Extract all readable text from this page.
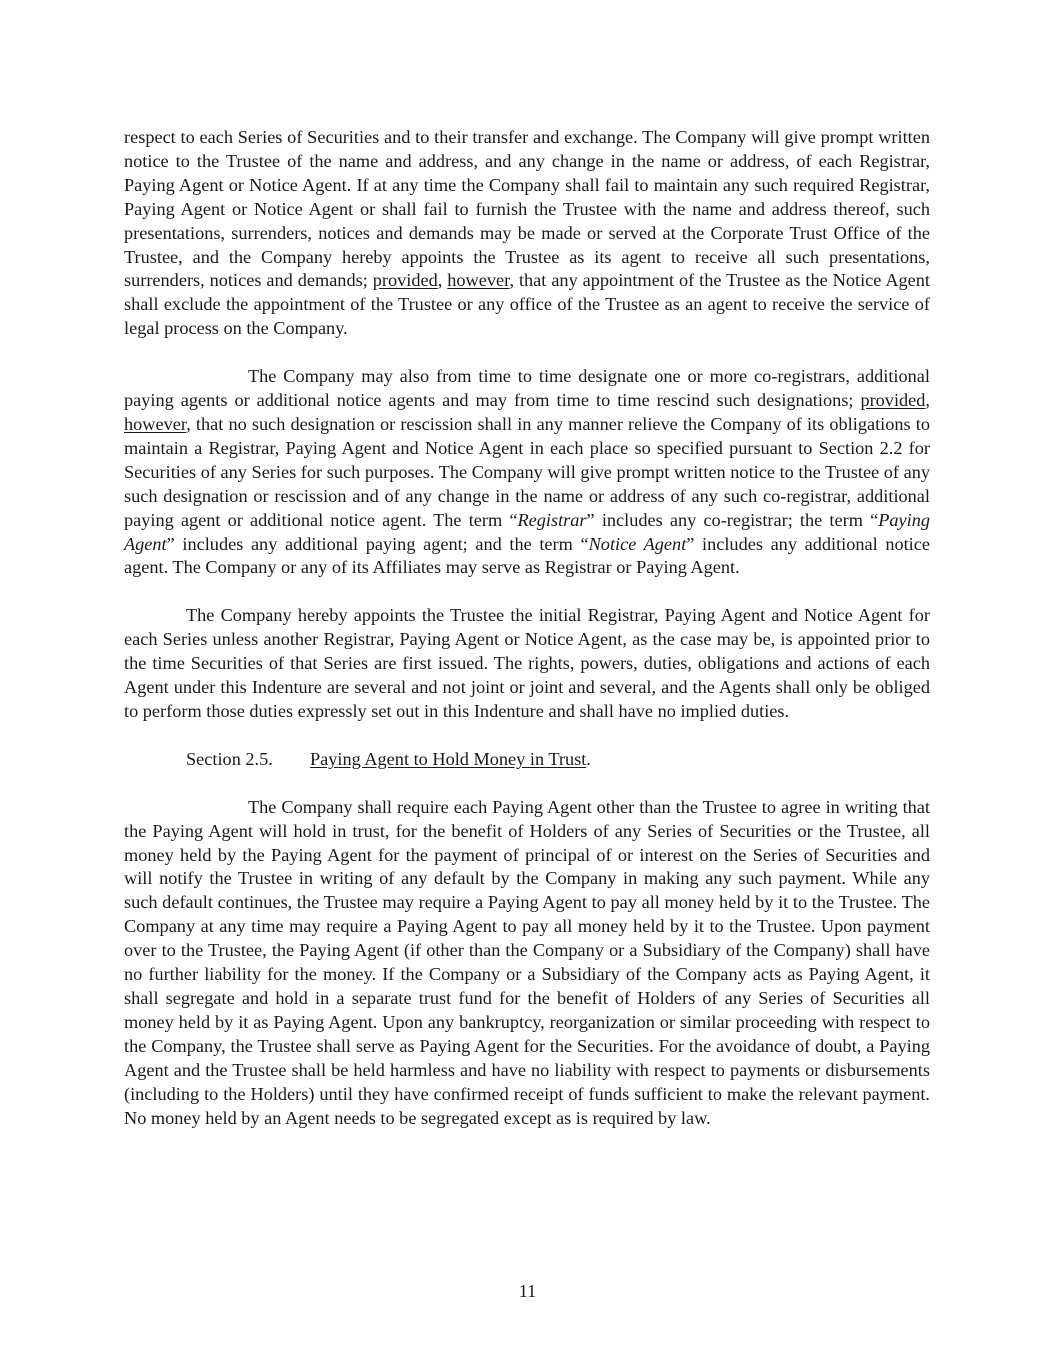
respect to each Series of Securities and to their transfer and exchange. The Company will give prompt written notice to the Trustee of the name and address, and any change in the name or address, of each Registrar, Paying Agent or Notice Agent. If at any time the Company shall fail to maintain any such required Registrar, Paying Agent or Notice Agent or shall fail to furnish the Trustee with the name and address thereof, such presentations, surrenders, notices and demands may be made or served at the Corporate Trust Office of the Trustee, and the Company hereby appoints the Trustee as its agent to receive all such presentations, surrenders, notices and demands; provided, however, that any appointment of the Trustee as the Notice Agent shall exclude the appointment of the Trustee or any office of the Trustee as an agent to receive the service of legal process on the Company.

The Company may also from time to time designate one or more co-registrars, additional paying agents or additional notice agents and may from time to time rescind such designations; provided, however, that no such designation or rescission shall in any manner relieve the Company of its obligations to maintain a Registrar, Paying Agent and Notice Agent in each place so specified pursuant to Section 2.2 for Securities of any Series for such purposes. The Company will give prompt written notice to the Trustee of any such designation or rescission and of any change in the name or address of any such co-registrar, additional paying agent or additional notice agent. The term “Registrar” includes any co-registrar; the term “Paying Agent” includes any additional paying agent; and the term “Notice Agent” includes any additional notice agent. The Company or any of its Affiliates may serve as Registrar or Paying Agent.

The Company hereby appoints the Trustee the initial Registrar, Paying Agent and Notice Agent for each Series unless another Registrar, Paying Agent or Notice Agent, as the case may be, is appointed prior to the time Securities of that Series are first issued. The rights, powers, duties, obligations and actions of each Agent under this Indenture are several and not joint or joint and several, and the Agents shall only be obliged to perform those duties expressly set out in this Indenture and shall have no implied duties.

Section 2.5. Paying Agent to Hold Money in Trust.

The Company shall require each Paying Agent other than the Trustee to agree in writing that the Paying Agent will hold in trust, for the benefit of Holders of any Series of Securities or the Trustee, all money held by the Paying Agent for the payment of principal of or interest on the Series of Securities and will notify the Trustee in writing of any default by the Company in making any such payment. While any such default continues, the Trustee may require a Paying Agent to pay all money held by it to the Trustee. The Company at any time may require a Paying Agent to pay all money held by it to the Trustee. Upon payment over to the Trustee, the Paying Agent (if other than the Company or a Subsidiary of the Company) shall have no further liability for the money. If the Company or a Subsidiary of the Company acts as Paying Agent, it shall segregate and hold in a separate trust fund for the benefit of Holders of any Series of Securities all money held by it as Paying Agent. Upon any bankruptcy, reorganization or similar proceeding with respect to the Company, the Trustee shall serve as Paying Agent for the Securities. For the avoidance of doubt, a Paying Agent and the Trustee shall be held harmless and have no liability with respect to payments or disbursements (including to the Holders) until they have confirmed receipt of funds sufficient to make the relevant payment. No money held by an Agent needs to be segregated except as is required by law.

11
